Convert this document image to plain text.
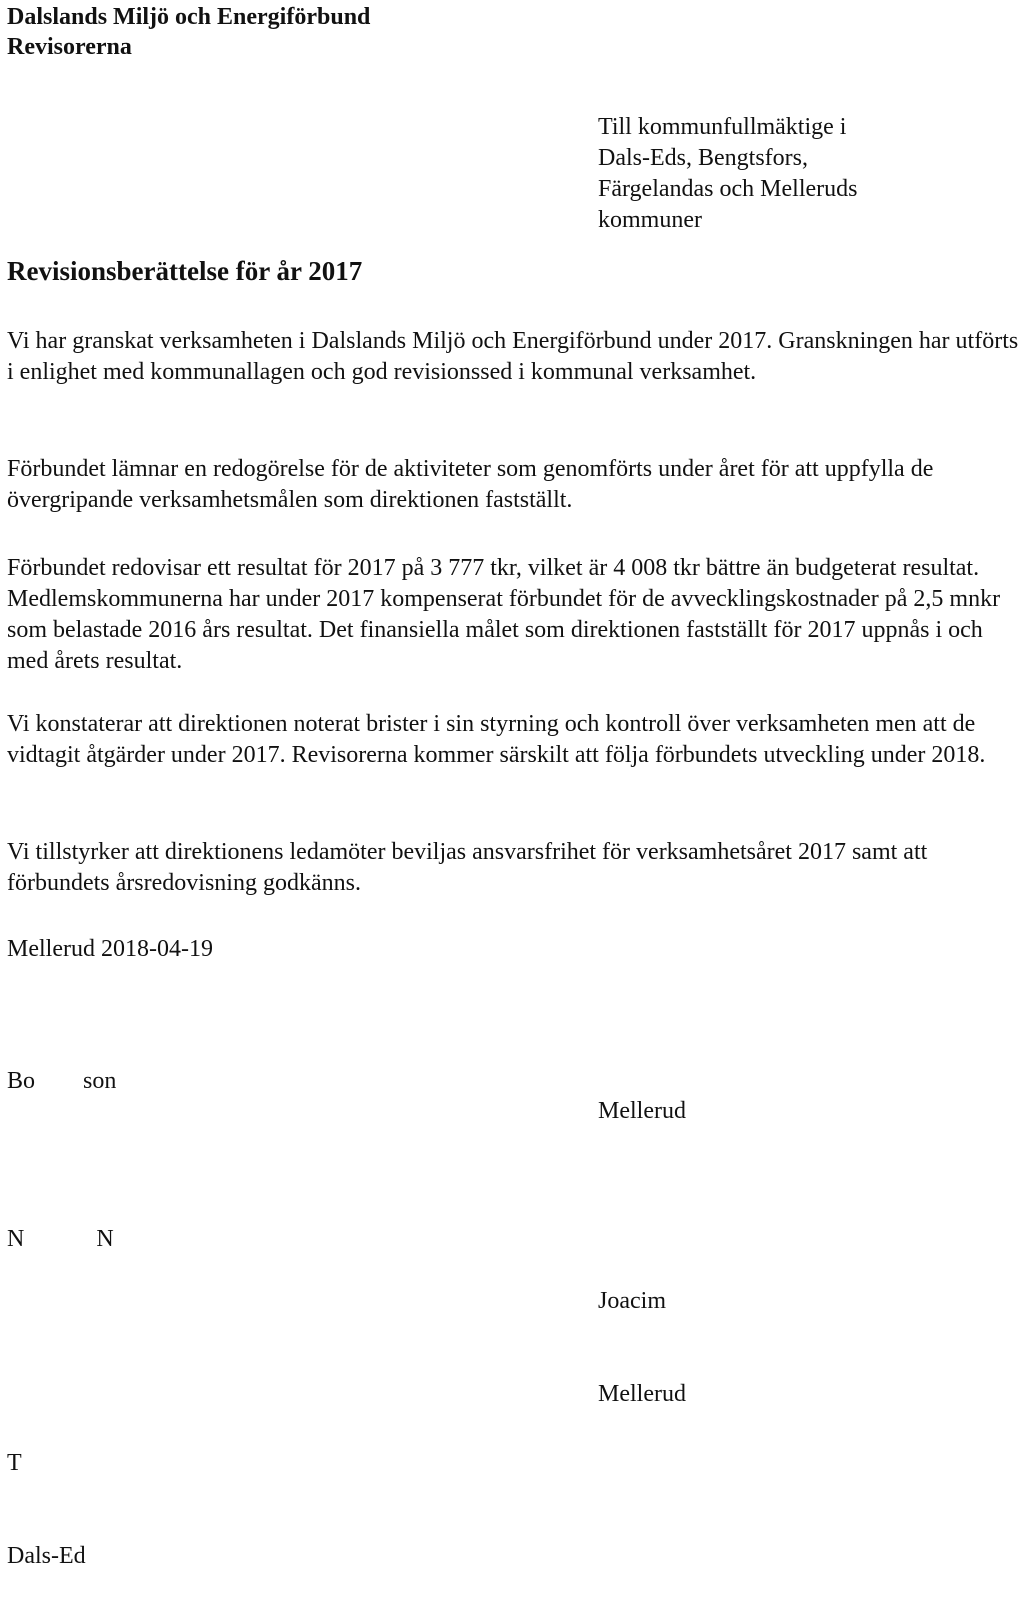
Dalslands Miljö och Energiförbund
Revisorerna
Till kommunfullmäktige i
Dals-Eds, Bengtsfors,
Färgelandas och Melleruds
kommuner
Revisionsberättelse för år 2017
Vi har granskat verksamheten i Dalslands Miljö och Energiförbund under 2017. Granskningen har utförts i enlighet med kommunallagen och god revisionssed i kommunal verksamhet.
Förbundet lämnar en redogörelse för de aktiviteter som genomförts under året för att uppfylla de övergripande verksamhetsmålen som direktionen fastställt.
Förbundet redovisar ett resultat för 2017 på 3 777 tkr, vilket är 4 008 tkr bättre än budgeterat resultat. Medlemskommunerna har under 2017 kompenserat förbundet för de avvecklingskostnader på 2,5 mnkr som belastade 2016 års resultat. Det finansiella målet som direktionen fastställt för 2017 uppnås i och med årets resultat.
Vi konstaterar att direktionen noterat brister i sin styrning och kontroll över verksamheten men att de vidtagit åtgärder under 2017. Revisorerna kommer särskilt att följa förbundets utveckling under 2018.
Vi tillstyrker att direktionens ledamöter beviljas ansvarsfrihet för verksamhetsåret 2017 samt att förbundets årsredovisning godkänns.
Mellerud 2018-04-19
Bo        son
Mellerud
N            N

Joacim

Mellerud

T

Dals-Ed
